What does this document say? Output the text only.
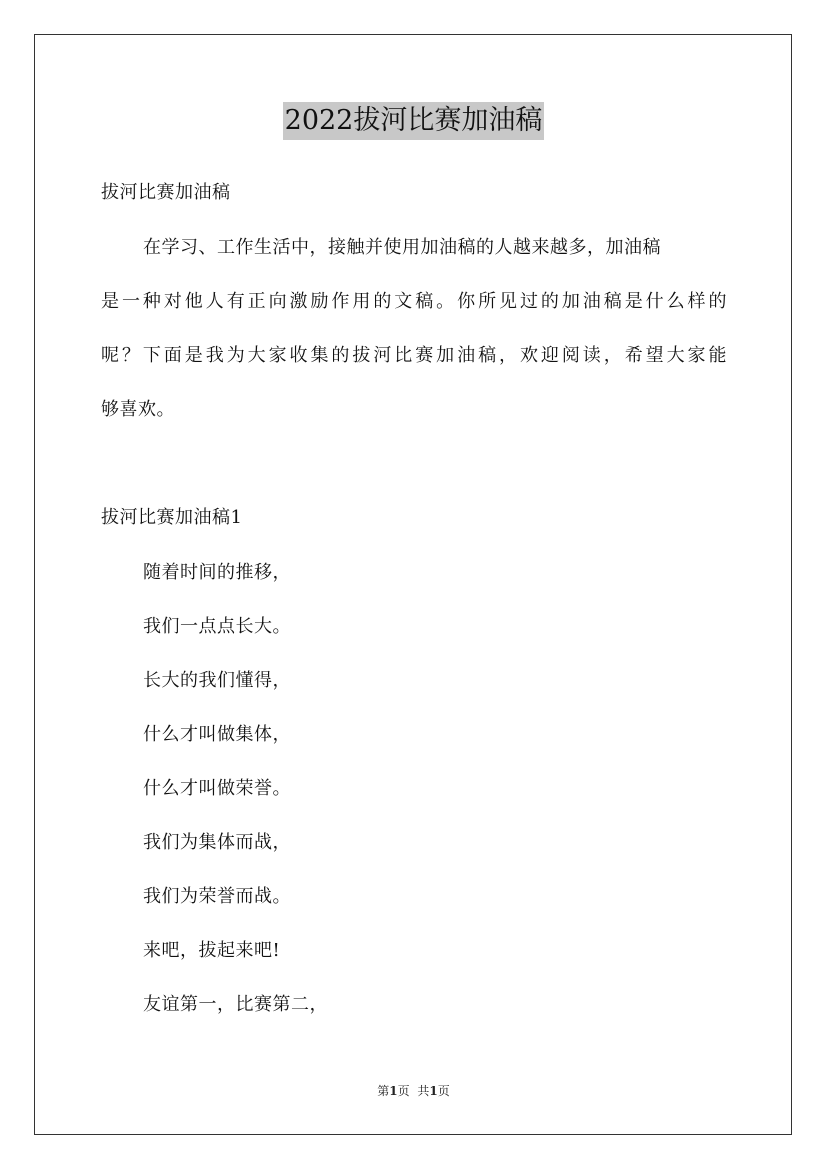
2022拔河比赛加油稿
拔河比赛加油稿
在学习、工作生活中，接触并使用加油稿的人越来越多，加油稿
是一种对他人有正向激励作用的文稿。你所见过的加油稿是什么样的
呢？下面是我为大家收集的拔河比赛加油稿，欢迎阅读，希望大家能
够喜欢。
拔河比赛加油稿1
随着时间的推移，
我们一点点长大。
长大的我们懂得，
什么才叫做集体，
什么才叫做荣誉。
我们为集体而战，
我们为荣誉而战。
来吧，拔起来吧!
友谊第一，比赛第二，
第1页 共1页
